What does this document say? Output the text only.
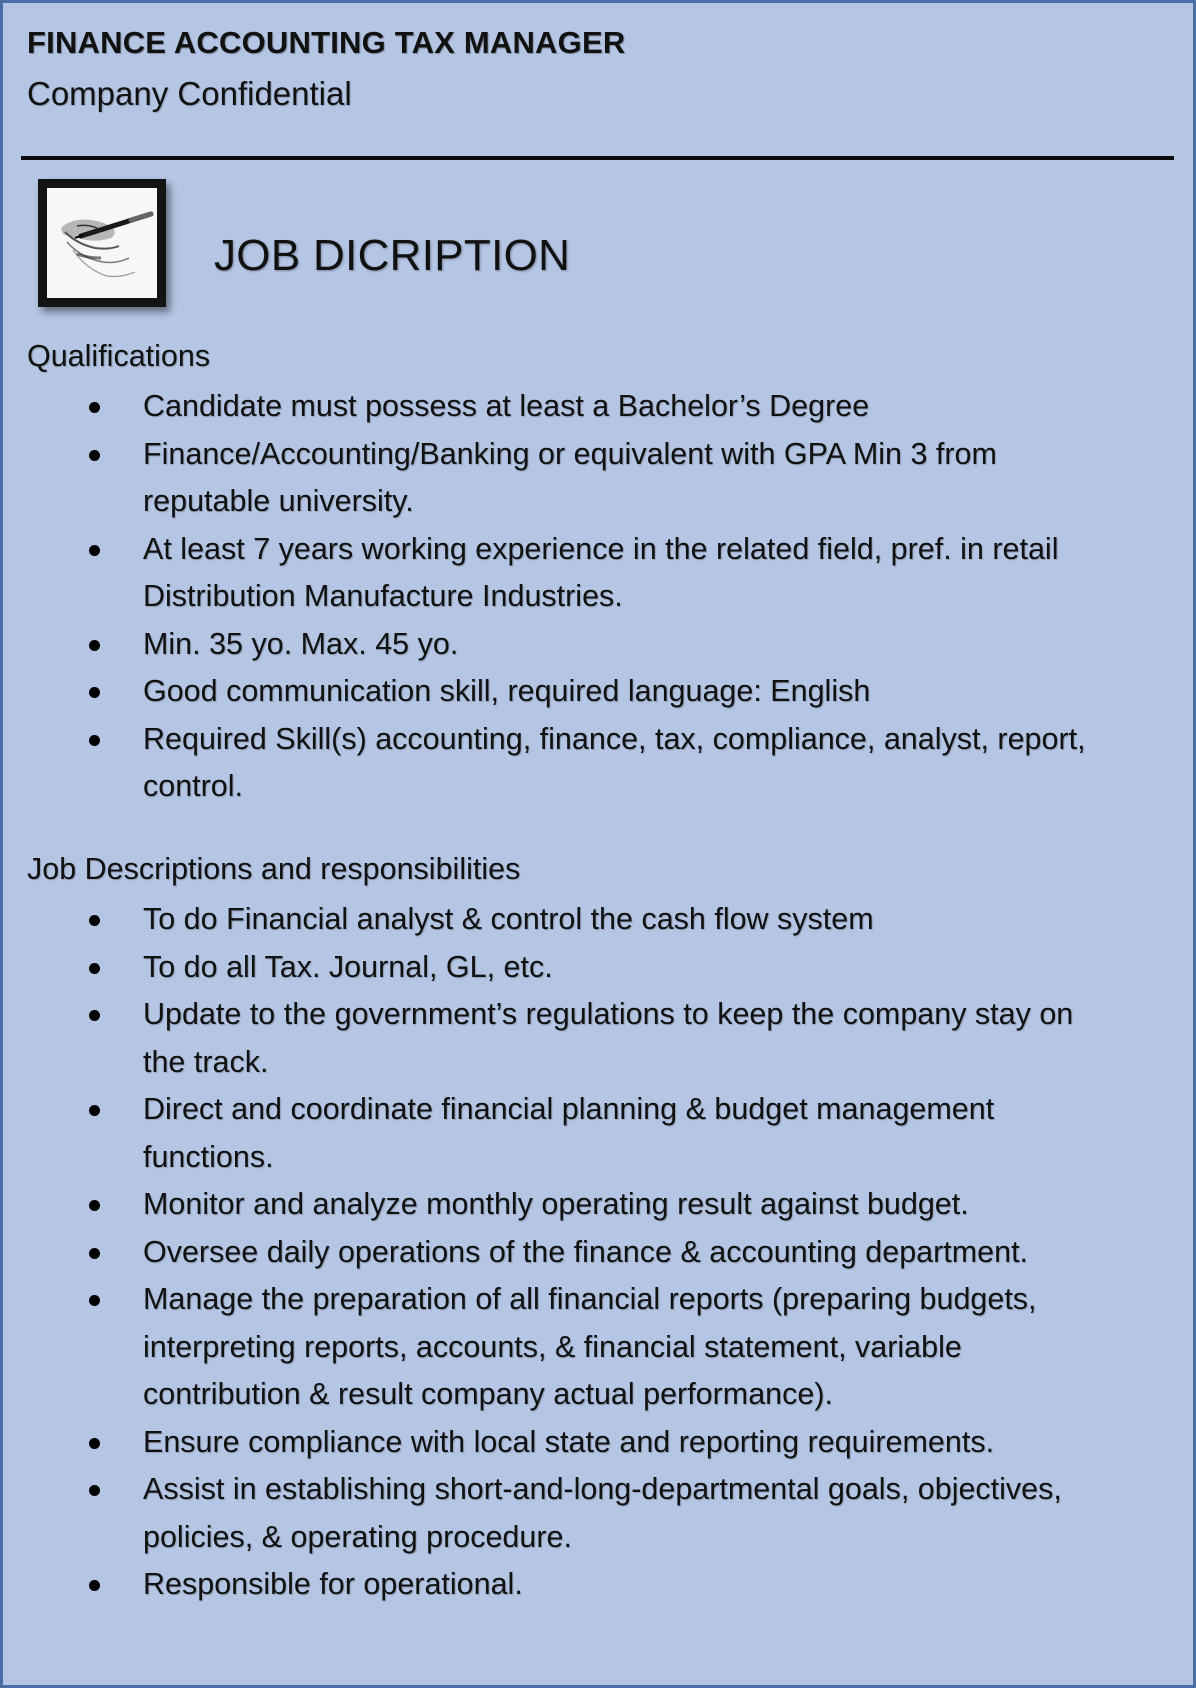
FINANCE ACCOUNTING TAX MANAGER
Company Confidential
JOB DICRIPTION
Qualifications
Candidate must possess at least a Bachelor’s Degree
Finance/Accounting/Banking or equivalent with GPA Min 3 from
reputable university.
At least 7 years working experience in the related field, pref. in retail
Distribution Manufacture Industries.
Min. 35 yo. Max. 45 yo.
Good communication skill, required language: English
Required Skill(s) accounting, finance, tax, compliance, analyst, report,
control.
Job Descriptions and responsibilities
To do Financial analyst & control the cash flow system
To do all Tax. Journal, GL, etc.
Update to the government’s regulations to keep the company stay on
the track.
Direct and coordinate financial planning & budget management
functions.
Monitor and analyze monthly operating result against budget.
Oversee daily operations of the finance & accounting department.
Manage the preparation of all financial reports (preparing budgets,
interpreting reports, accounts, & financial statement, variable
contribution & result company actual performance).
Ensure compliance with local state and reporting requirements.
Assist in establishing short-and-long-departmental goals, objectives,
policies, & operating procedure.
Responsible for operational.
